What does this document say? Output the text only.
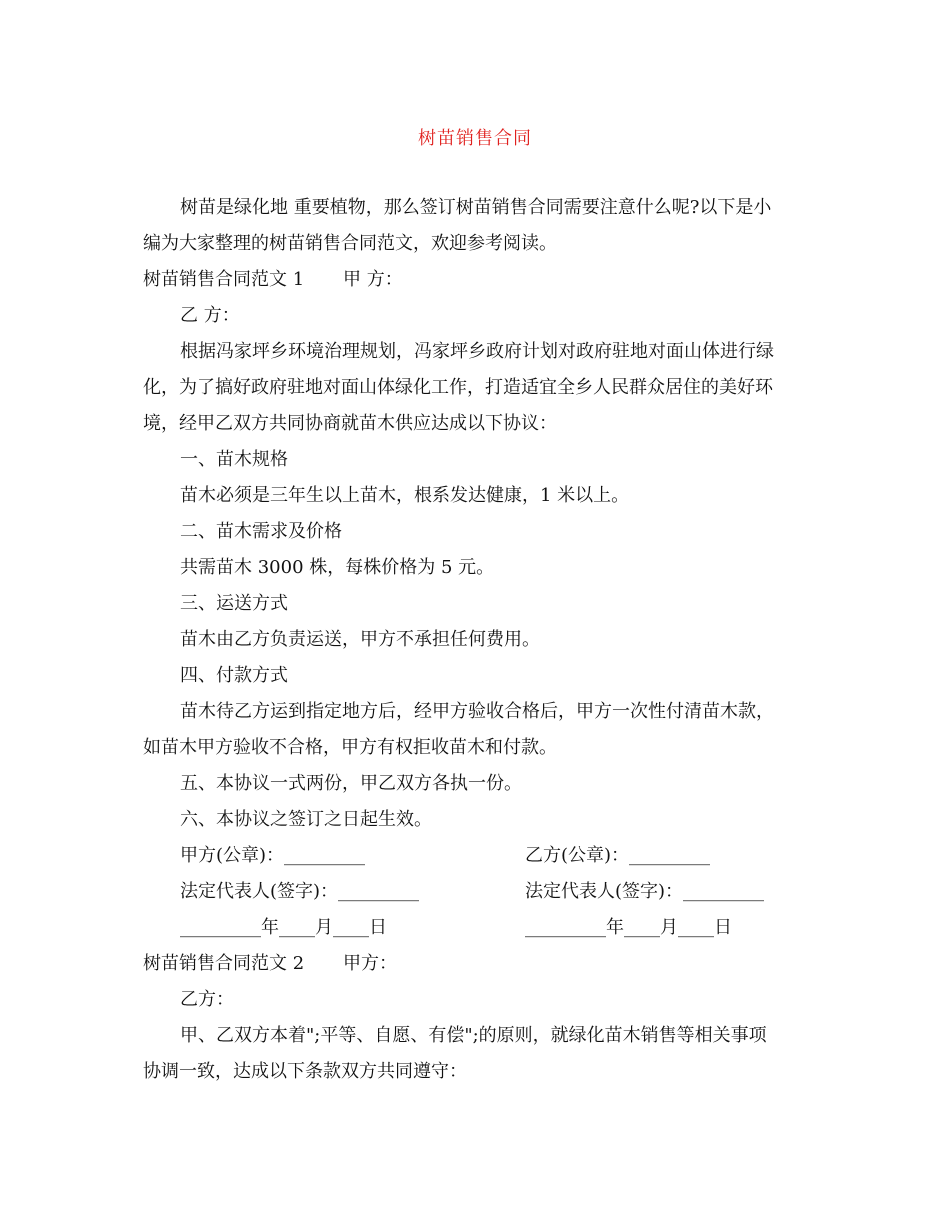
树苗销售合同
树苗是绿化地 重要植物，那么签订树苗销售合同需要注意什么呢?以下是小
编为大家整理的树苗销售合同范文，欢迎参考阅读。
树苗销售合同范文 1 甲 方：
乙 方：
根据冯家坪乡环境治理规划，冯家坪乡政府计划对政府驻地对面山体进行绿
化，为了搞好政府驻地对面山体绿化工作，打造适宜全乡人民群众居住的美好环
境，经甲乙双方共同协商就苗木供应达成以下协议：
一、苗木规格
苗木必须是三年生以上苗木，根系发达健康，1 米以上。
二、苗木需求及价格
共需苗木 3000 株，每株价格为 5 元。
三、运送方式
苗木由乙方负责运送，甲方不承担任何费用。
四、付款方式
苗木待乙方运到指定地方后，经甲方验收合格后，甲方一次性付清苗木款，
如苗木甲方验收不合格，甲方有权拒收苗木和付款。
五、本协议一式两份，甲乙双方各执一份。
六、本协议之签订之日起生效。
甲方(公章)：_________	乙方(公章)：_________
法定代表人(签字)：_________	法定代表人(签字)：_________
_________年____月____日	_________年____月____日
树苗销售合同范文 2 甲方：
乙方：
甲、乙双方本着";平等、自愿、有偿";的原则，就绿化苗木销售等相关事项
协调一致，达成以下条款双方共同遵守：
